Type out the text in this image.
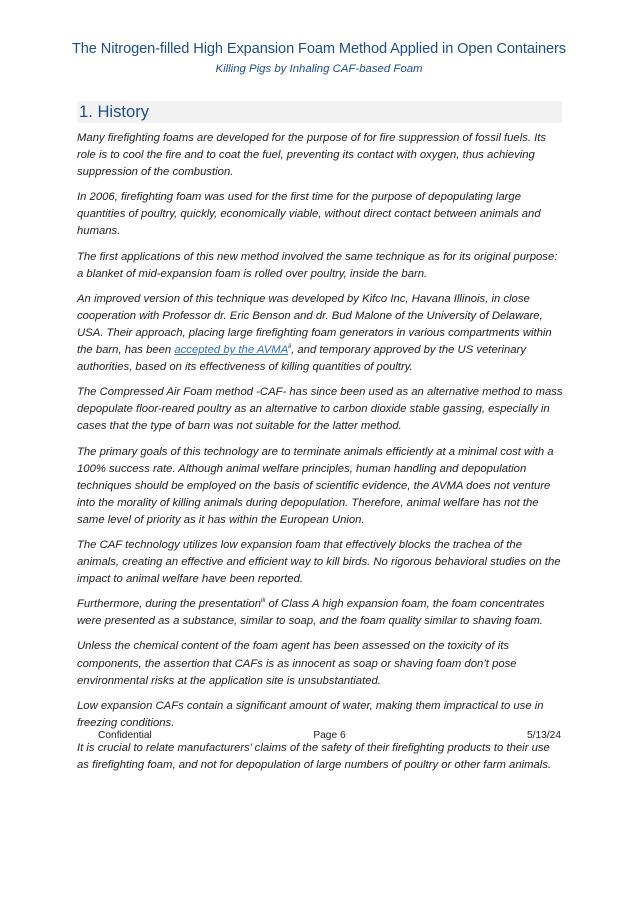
The Nitrogen-filled High Expansion Foam Method Applied in Open Containers
Killing Pigs by Inhaling CAF-based Foam
1. History

Many firefighting foams are developed for the purpose of for fire suppression of fossil fuels. Its role is to cool the fire and to coat the fuel, preventing its contact with oxygen, thus achieving suppression of the combustion.

In 2006, firefighting foam was used for the first time for the purpose of depopulating large quantities of poultry, quickly, economically viable, without direct contact between animals and humans.

The first applications of this new method involved the same technique as for its original purpose: a blanket of mid-expansion foam is rolled over poultry, inside the barn.

An improved version of this technique was developed by Kifco Inc, Havana Illinois, in close cooperation with Professor dr. Eric Benson and dr. Bud Malone of the University of Delaware, USA. Their approach, placing large firefighting foam generators in various compartments within the barn, has been accepted by the AVMA$^{ii}$, and temporary approved by the US veterinary authorities, based on its effectiveness of killing quantities of poultry.

The Compressed Air Foam method -CAF- has since been used as an alternative method to mass depopulate floor-reared poultry as an alternative to carbon dioxide stable gassing, especially in cases that the type of barn was not suitable for the latter method.

The primary goals of this technology are to terminate animals efficiently at a minimal cost with a 100% success rate. Although animal welfare principles, human handling and depopulation techniques should be employed on the basis of scientific evidence, the AVMA does not venture into the morality of killing animals during depopulation. Therefore, animal welfare has not the same level of priority as it has within the European Union.

The CAF technology utilizes low expansion foam that effectively blocks the trachea of the animals, creating an effective and efficient way to kill birds. No rigorous behavioral studies on the impact to animal welfare have been reported.

Furthermore, during the presentation$^{iii}$ of Class A high expansion foam, the foam concentrates were presented as a substance, similar to soap, and the foam quality similar to shaving foam.

Unless the chemical content of the foam agent has been assessed on the toxicity of its components, the assertion that CAFs is as innocent as soap or shaving foam don’t pose environmental risks at the application site is unsubstantiated.

Low expansion CAFs contain a significant amount of water, making them impractical to use in freezing conditions.

It is crucial to relate manufacturers’ claims of the safety of their firefighting products to their use as firefighting foam, and not for depopulation of large numbers of poultry or other farm animals.

Confidential	Page 6	5/13/24
